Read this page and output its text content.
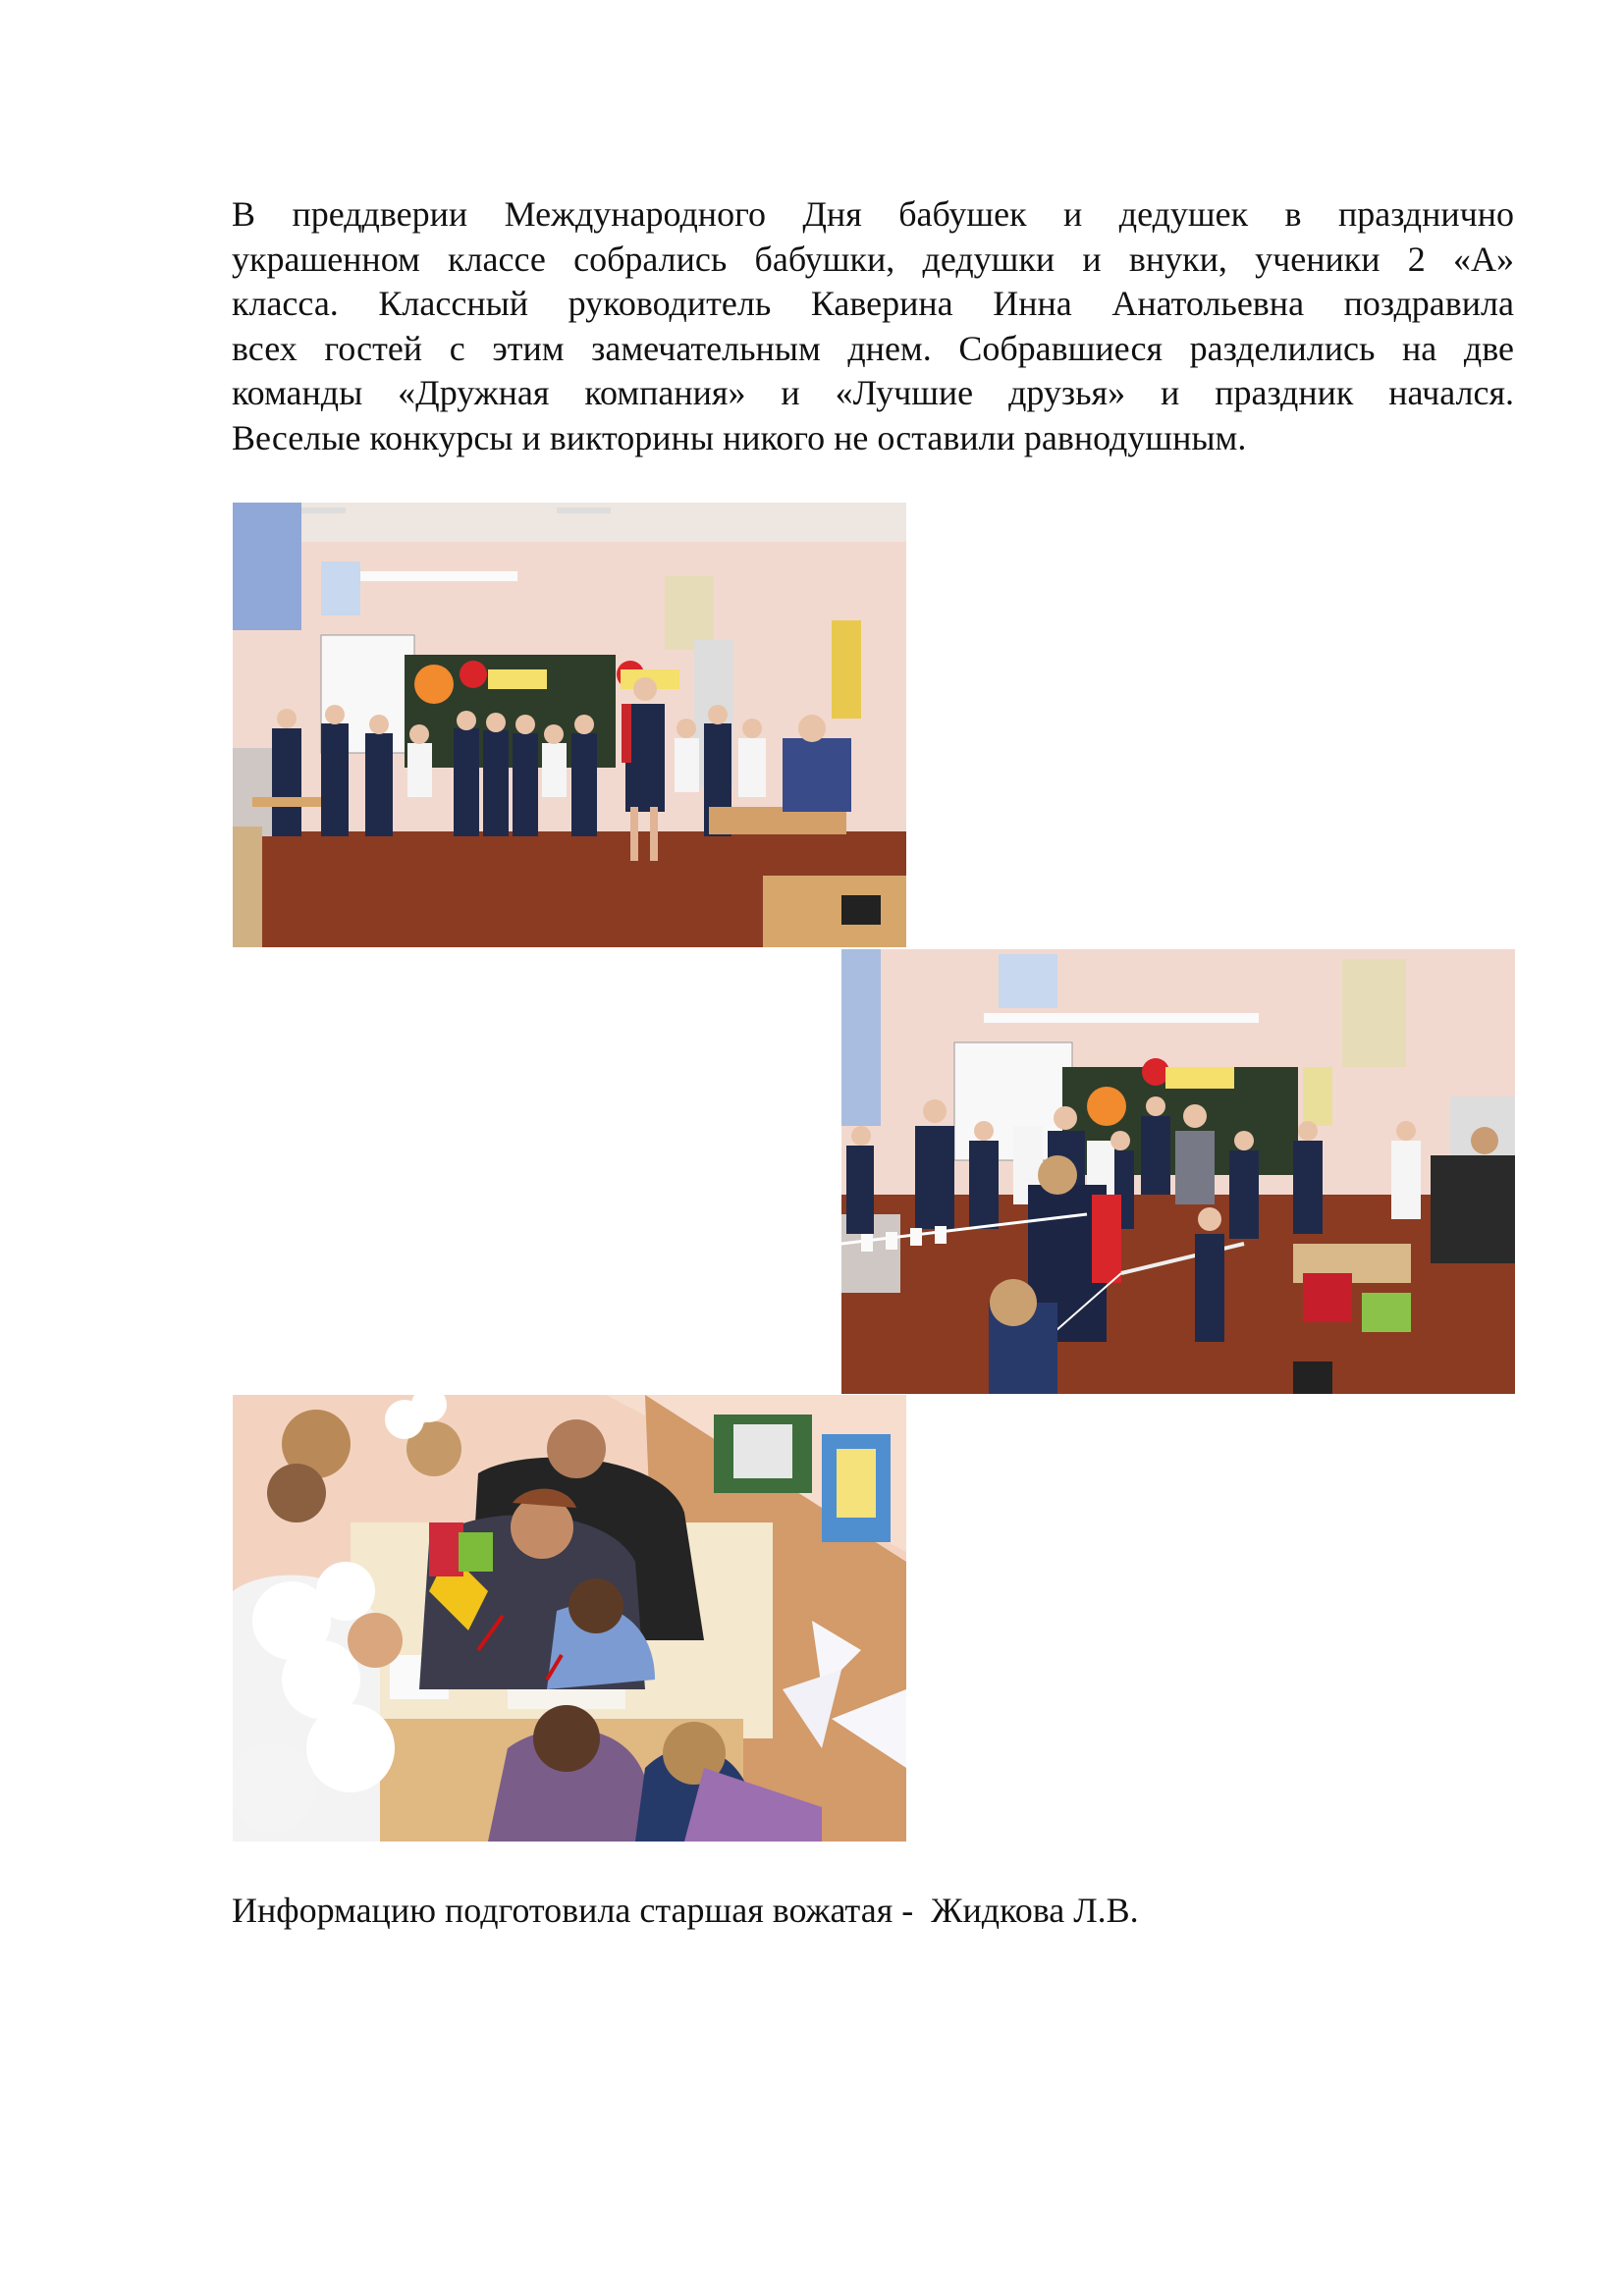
В преддверии Международного Дня бабушек и дедушек в празднично
украшенном классе собрались бабушки, дедушки и внуки, ученики 2 «А»
класса. Классный руководитель Каверина Инна Анатольевна поздравила
всех гостей с этим замечательным днем. Собравшиеся разделились на две
команды «Дружная компания» и «Лучшие друзья» и праздник начался.
Веселые конкурсы и викторины никого не оставили равнодушным.
Информацию подготовила старшая вожатая -  Жидкова Л.В.
